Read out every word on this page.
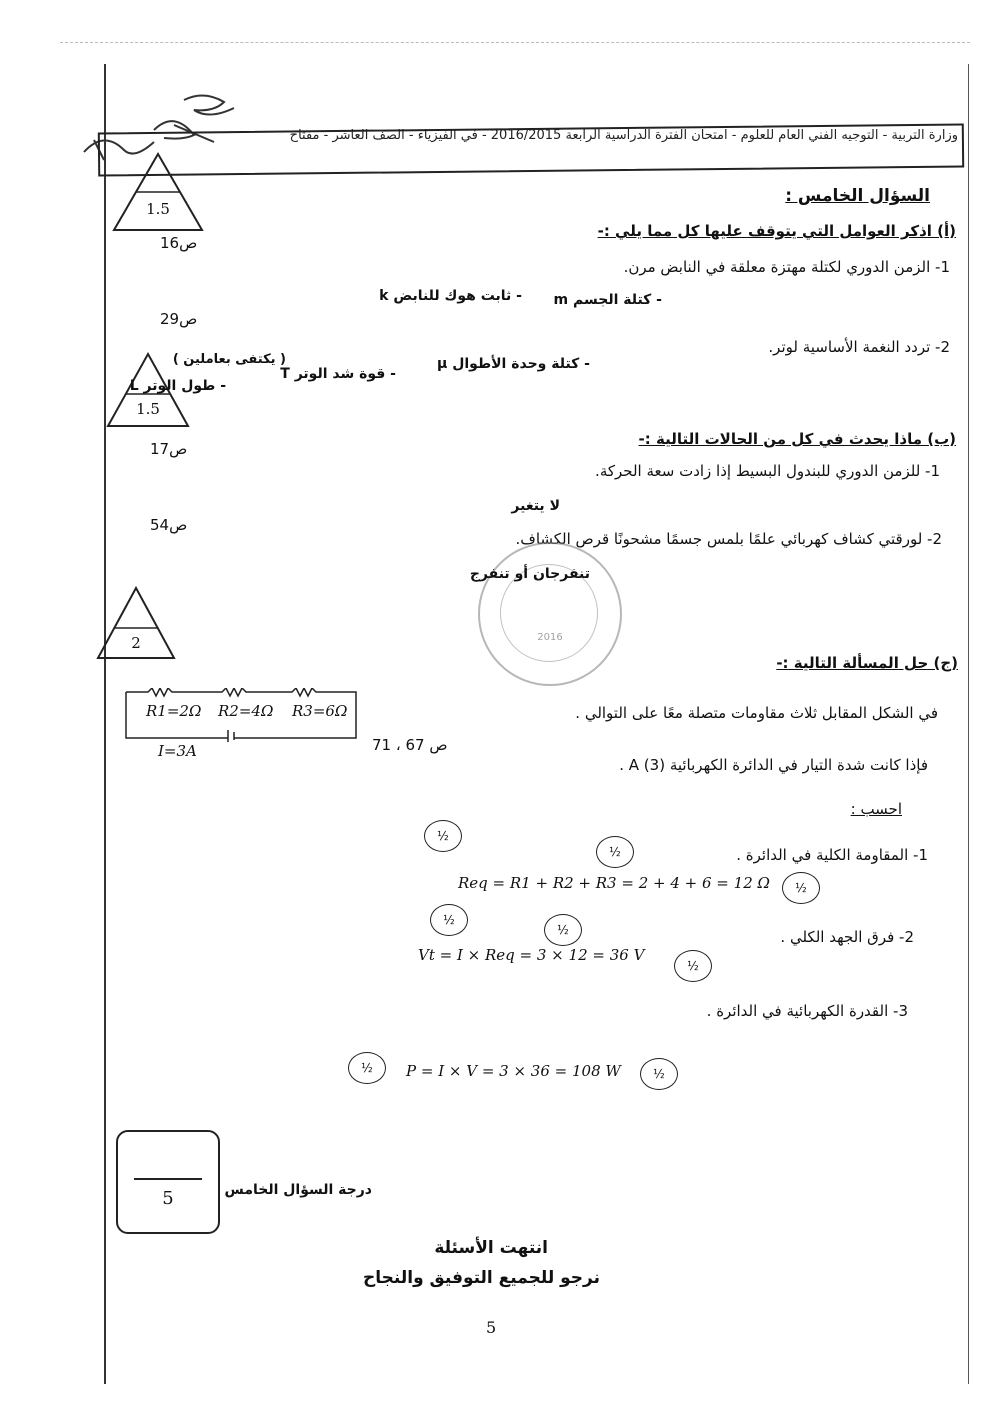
وزارة التربية - التوجيه الفني العام للعلوم - امتحان الفترة الدراسية الرابعة 2016/2015 - في الفيزياء - الصف العاشر - مفتاح
السؤال الخامس :
1.5
ص16
(أ) اذكر العوامل التي يتوقف عليها كل مما يلي :-
1- الزمن الدوري لكتلة مهتزة معلقة في النابض مرن.
- كتلة الجسم m
- ثابت هوك للنابض k
ص29
2- تردد النغمة الأساسية لوتر.
1.5
( يكتفى بعاملين )	- كتلة وحدة الأطوال μ
- قوة شد الوتر T
- طول الوتر L
(ب) ماذا يحدث في كل من الحالات التالية :-
ص17
1- للزمن الدوري للبندول البسيط إذا زادت سعة الحركة.
لا يتغير
ص54
2- لورقتي كشاف كهربائي علمًا بلمس جسمًا مشحونًا قرص الكشاف.
2016
تنفرجان أو تنفرج
2
(ج) حل المسألة التالية :-
R1=2Ω R2=4Ω R3=6Ω
I=3A
في الشكل المقابل ثلاث مقاومات متصلة معًا على التوالي .
ص 67 ، 71
فإذا كانت شدة التيار في الدائرة الكهربائية A (3) .
احسب :
½
½	1- المقاومة الكلية في الدائرة .
Req = R1 + R2 + R3 = 2 + 4 + 6 = 12 Ω	½
½
½	2- فرق الجهد الكلي .
Vt = I × Req = 3 × 12 = 36 V
½
3- القدرة الكهربائية في الدائرة .
½	P = I × V = 3 × 36 = 108 W	½
5	درجة السؤال الخامس
انتهت الأسئلة
نرجو للجميع التوفيق والنجاح
5
